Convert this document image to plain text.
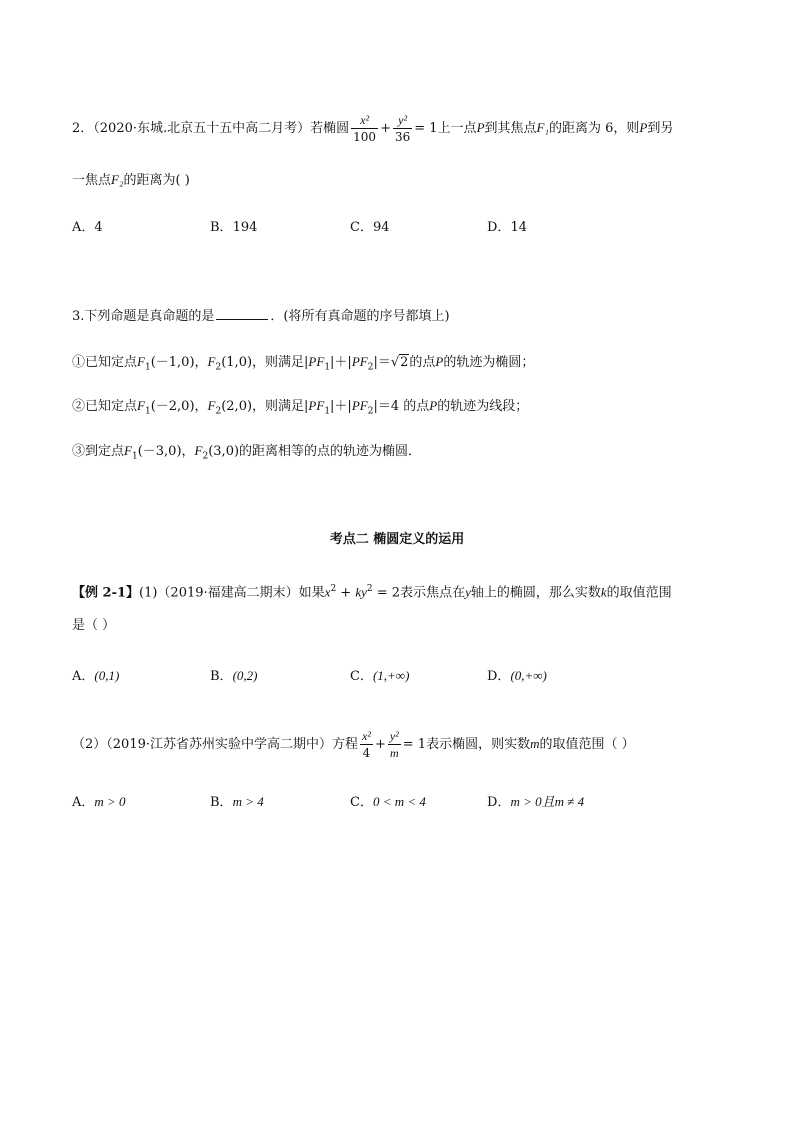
2．（2020·东城.北京五十五中高二月考）若椭圆 $\frac{\text{x²}}{100} + \frac{\text{y²}}{36} = 1$上一点P到其焦点F₁的距离为 6，则P到另
一焦点F₂的距离为( )
A．4	B．194	C．94	D．14
3.下列命题是真命题的是	．(将所有真命题的序号都填上)
①已知定点$F_1(-1,0)$，$F_2(1,0)$，则满足$|PF_1|+|PF_2|=√2$的点P的轨迹为椭圆；
②已知定点$F_1(-2,0)$，$F_2(2,0)$，则满足$|PF_1|+|PF_2|=4$ 的点P的轨迹为线段；
③到定点$F_1(-3,0)$，$F_2(3,0)$的距离相等的点的轨迹为椭圆．
考点二 椭圆定义的运用
【例 2-1】(1)（2019·福建高二期末）如果$x^2 + ky^2 = 2$表示焦点在y轴上的椭圆，那么实数k的取值范围
是（ ）
A．(0,1)	B．(0,2)	C．(1,+∞)	D．(0,+∞)
（2）（2019·江苏省苏州实验中学高二期中）方程 $\frac{\text{x²}}{4} + \frac{\text{y²}}{m} = 1$表示椭圆，则实数m的取值范围（ ）
A．m > 0	B．m > 4	C．0 < m < 4	D．m > 0且m ≠ 4
